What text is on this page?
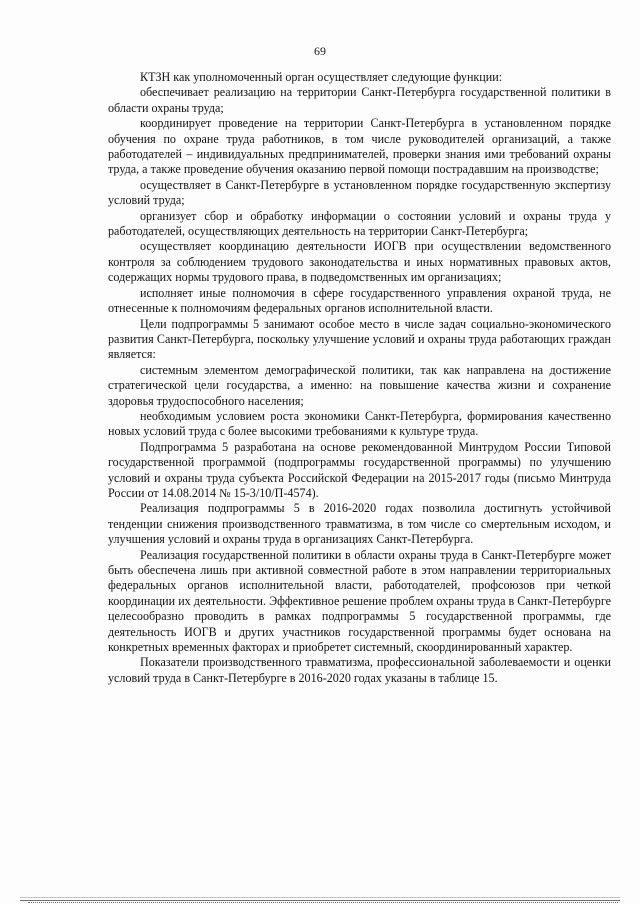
69

КТЗН как уполномоченный орган осуществляет следующие функции:

обеспечивает реализацию на территории Санкт-Петербурга государственной политики в области охраны труда;

координирует проведение на территории Санкт-Петербурга в установленном порядке обучения по охране труда работников, в том числе руководителей организаций, а также работодателей – индивидуальных предпринимателей, проверки знания ими требований охраны труда, а также проведение обучения оказанию первой помощи пострадавшим на производстве;

осуществляет в Санкт-Петербурге в установленном порядке государственную экспертизу условий труда;

организует сбор и обработку информации о состоянии условий и охраны труда у работодателей, осуществляющих деятельность на территории Санкт-Петербурга;

осуществляет координацию деятельности ИОГВ при осуществлении ведомственного контроля за соблюдением трудового законодательства и иных нормативных правовых актов, содержащих нормы трудового права, в подведомственных им организациях;

исполняет иные полномочия в сфере государственного управления охраной труда, не отнесенные к полномочиям федеральных органов исполнительной власти.

Цели подпрограммы 5 занимают особое место в числе задач социально-экономического развития Санкт-Петербурга, поскольку улучшение условий и охраны труда работающих граждан является:

системным элементом демографической политики, так как направлена на достижение стратегической цели государства, а именно: на повышение качества жизни и сохранение здоровья трудоспособного населения;

необходимым условием роста экономики Санкт-Петербурга, формирования качественно новых условий труда с более высокими требованиями к культуре труда.

Подпрограмма 5 разработана на основе рекомендованной Минтрудом России Типовой государственной программой (подпрограммы государственной программы) по улучшению условий и охраны труда субъекта Российской Федерации на 2015-2017 годы (письмо Минтруда России от 14.08.2014 № 15-3/10/П-4574).

Реализация подпрограммы 5 в 2016-2020 годах позволила достигнуть устойчивой тенденции снижения производственного травматизма, в том числе со смертельным исходом, и улучшения условий и охраны труда в организациях Санкт-Петербурга.

Реализация государственной политики в области охраны труда в Санкт-Петербурге может быть обеспечена лишь при активной совместной работе в этом направлении территориальных федеральных органов исполнительной власти, работодателей, профсоюзов при четкой координации их деятельности. Эффективное решение проблем охраны труда в Санкт-Петербурге целесообразно проводить в рамках подпрограммы 5 государственной программы, где деятельность ИОГВ и других участников государственной программы будет основана на конкретных временных факторах и приобретет системный, скоординированный характер.

Показатели производственного травматизма, профессиональной заболеваемости и оценки условий труда в Санкт-Петербурге в 2016-2020 годах указаны в таблице 15.
